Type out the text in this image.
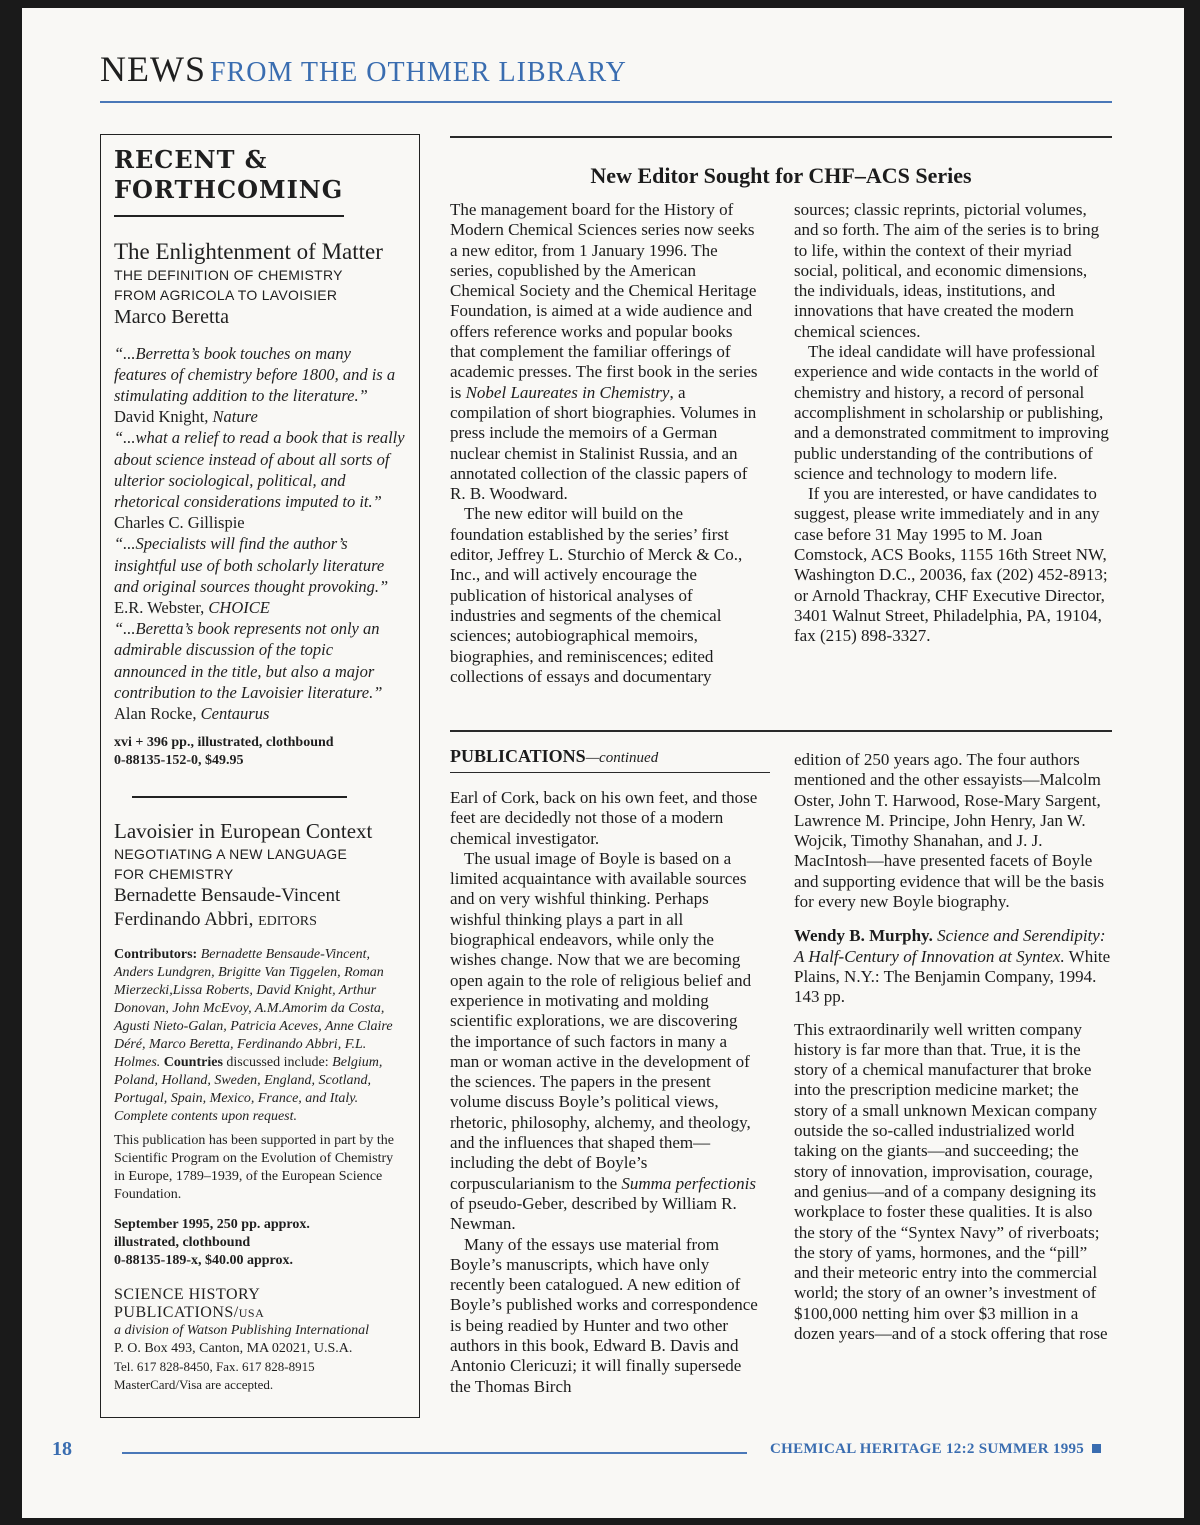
NEWS FROM THE OTHMER LIBRARY
RECENT &
FORTHCOMING
The Enlightenment of Matter
THE DEFINITION OF CHEMISTRY
FROM AGRICOLA TO LAVOISIER
Marco Beretta

“...Berretta’s book touches on many features of chemistry before 1800, and is a stimulating addition to the literature.” David Knight, Nature

“...what a relief to read a book that is really about science instead of about all sorts of ulterior sociological, political, and rhetorical considerations imputed to it.” Charles C. Gillispie

“...Specialists will find the author’s insightful use of both scholarly literature and original sources thought provoking.” E.R. Webster, CHOICE

“...Beretta’s book represents not only an admirable discussion of the topic announced in the title, but also a major contribution to the Lavoisier literature.” Alan Rocke, Centaurus

xvi + 396 pp., illustrated, clothbound
0-88135-152-0, $49.95
Lavoisier in European Context
NEGOTIATING A NEW LANGUAGE
FOR CHEMISTRY
Bernadette Bensaude-Vincent
Ferdinando Abbri, EDITORS
Contributors: Bernadette Bensaude-Vincent, Anders Lundgren, Brigitte Van Tiggelen, Roman Mierzecki,Lissa Roberts, David Knight, Arthur Donovan, John McEvoy, A.M.Amorim da Costa, Agusti Nieto-Galan, Patricia Aceves, Anne Claire Déré, Marco Beretta, Ferdinando Abbri, F.L. Holmes. Countries discussed include: Belgium, Poland, Holland, Sweden, England, Scotland, Portugal, Spain, Mexico, France, and Italy. Complete contents upon request.
This publication has been supported in part by the Scientific Program on the Evolution of Chemistry in Europe, 1789–1939, of the European Science Foundation.
September 1995, 250 pp. approx.
illustrated, clothbound
0-88135-189-x, $40.00 approx.
SCIENCE HISTORY PUBLICATIONS/USA
a division of Watson Publishing International
P. O. Box 493, Canton, MA 02021, U.S.A.
Tel. 617 828-8450, Fax. 617 828-8915
MasterCard/Visa are accepted.
New Editor Sought for CHF–ACS Series

The management board for the History of Modern Chemical Sciences series now seeks a new editor, from 1 January 1996. The series, copublished by the American Chemical Society and the Chemical Heritage Foundation, is aimed at a wide audience and offers reference works and popular books that complement the familiar offerings of academic presses. The first book in the series is Nobel Laureates in Chemistry, a compilation of short biographies. Volumes in press include the memoirs of a German nuclear chemist in Stalinist Russia, and an annotated collection of the classic papers of R. B. Woodward.

The new editor will build on the foundation established by the series’ first editor, Jeffrey L. Sturchio of Merck & Co., Inc., and will actively encourage the publication of historical analyses of industries and segments of the chemical sciences; autobiographical memoirs, biographies, and reminiscences; edited collections of essays and documentary

sources; classic reprints, pictorial volumes, and so forth. The aim of the series is to bring to life, within the context of their myriad social, political, and economic dimensions, the individuals, ideas, institutions, and innovations that have created the modern chemical sciences.

The ideal candidate will have professional experience and wide contacts in the world of chemistry and history, a record of personal accomplishment in scholarship or publishing, and a demonstrated commitment to improving public understanding of the contributions of science and technology to modern life.

If you are interested, or have candidates to suggest, please write immediately and in any case before 31 May 1995 to M. Joan Comstock, ACS Books, 1155 16th Street NW, Washington D.C., 20036, fax (202) 452-8913; or Arnold Thackray, CHF Executive Director, 3401 Walnut Street, Philadelphia, PA, 19104, fax (215) 898-3327.

PUBLICATIONS—continued

Earl of Cork, back on his own feet, and those feet are decidedly not those of a modern chemical investigator.

The usual image of Boyle is based on a limited acquaintance with available sources and on very wishful thinking. Perhaps wishful thinking plays a part in all biographical endeavors, while only the wishes change. Now that we are becoming open again to the role of religious belief and experience in motivating and molding scientific explorations, we are discovering the importance of such factors in many a man or woman active in the development of the sciences. The papers in the present volume discuss Boyle’s political views, rhetoric, philosophy, alchemy, and theology, and the influences that shaped them—including the debt of Boyle’s corpuscularianism to the Summa perfectionis of pseudo-Geber, described by William R. Newman.

Many of the essays use material from Boyle’s manuscripts, which have only recently been catalogued. A new edition of Boyle’s published works and correspondence is being readied by Hunter and two other authors in this book, Edward B. Davis and Antonio Clericuzi; it will finally supersede the Thomas Birch

edition of 250 years ago. The four authors mentioned and the other essayists—Malcolm Oster, John T. Harwood, Rose-Mary Sargent, Lawrence M. Principe, John Henry, Jan W. Wojcik, Timothy Shanahan, and J. J. MacIntosh—have presented facets of Boyle and supporting evidence that will be the basis for every new Boyle biography.

Wendy B. Murphy. Science and Serendipity: A Half-Century of Innovation at Syntex. White Plains, N.Y.: The Benjamin Company, 1994. 143 pp.

This extraordinarily well written company history is far more than that. True, it is the story of a chemical manufacturer that broke into the prescription medicine market; the story of a small unknown Mexican company outside the so-called industrialized world taking on the giants—and succeeding; the story of innovation, improvisation, courage, and genius—and of a company designing its workplace to foster these qualities. It is also the story of the “Syntex Navy” of riverboats; the story of yams, hormones, and the “pill” and their meteoric entry into the commercial world; the story of an owner’s investment of $100,000 netting him over $3 million in a dozen years—and of a stock offering that rose

18	CHEMICAL HERITAGE 12:2 SUMMER 1995
